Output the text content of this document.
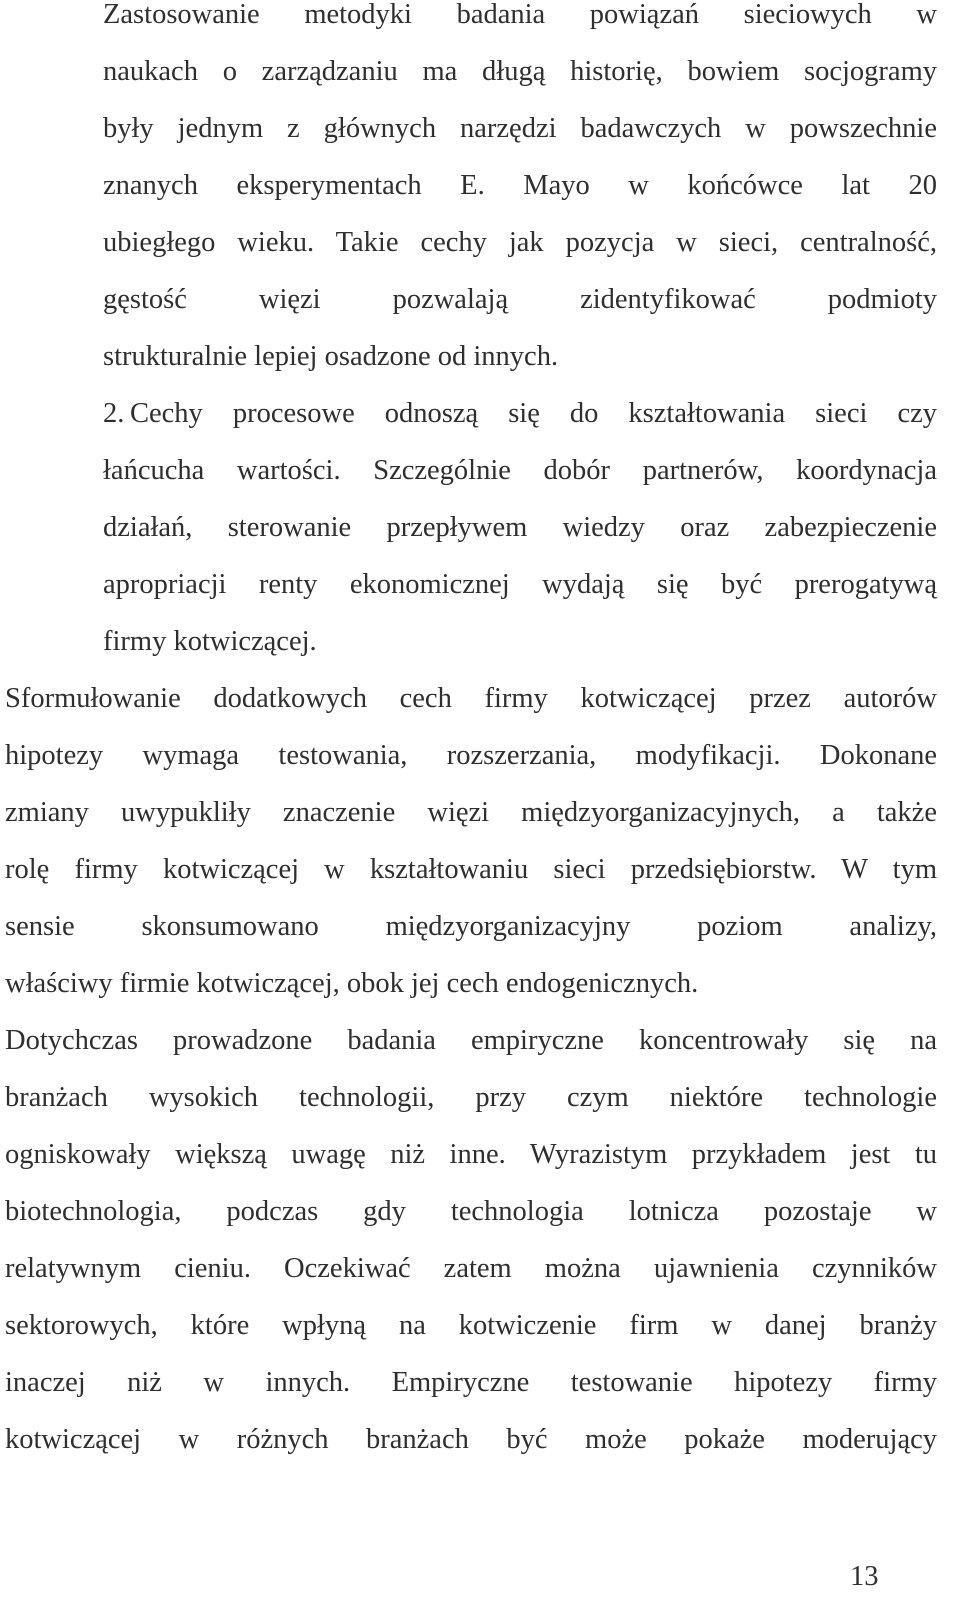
Zastosowanie metodyki badania powiązań sieciowych w
naukach o zarządzaniu ma długą historię, bowiem socjogramy
były jednym z głównych narzędzi badawczych w powszechnie
znanych eksperymentach E. Mayo w końcówce lat 20
ubiegłego wieku. Takie cechy jak pozycja w sieci, centralność,
gęstość więzi pozwalają zidentyfikować podmioty
strukturalnie lepiej osadzone od innych.
2. Cechy procesowe odnoszą się do kształtowania sieci czy
łańcucha wartości. Szczególnie dobór partnerów, koordynacja
działań, sterowanie przepływem wiedzy oraz zabezpieczenie
apropriacji renty ekonomicznej wydają się być prerogatywą
firmy kotwiczącej.
Sformułowanie dodatkowych cech firmy kotwiczącej przez autorów
hipotezy wymaga testowania, rozszerzania, modyfikacji. Dokonane
zmiany uwypukliły znaczenie więzi międzyorganizacyjnych, a także
rolę firmy kotwiczącej w kształtowaniu sieci przedsiębiorstw. W tym
sensie skonsumowano międzyorganizacyjny poziom analizy,
właściwy firmie kotwiczącej, obok jej cech endogenicznych.
Dotychczas prowadzone badania empiryczne koncentrowały się na
branżach wysokich technologii, przy czym niektóre technologie
ogniskowały większą uwagę niż inne. Wyrazistym przykładem jest tu
biotechnologia, podczas gdy technologia lotnicza pozostaje w
relatywnym cieniu. Oczekiwać zatem można ujawnienia czynników
sektorowych, które wpłyną na kotwiczenie firm w danej branży
inaczej niż w innych. Empiryczne testowanie hipotezy firmy
kotwiczącej w różnych branżach być może pokaże moderujący
13
